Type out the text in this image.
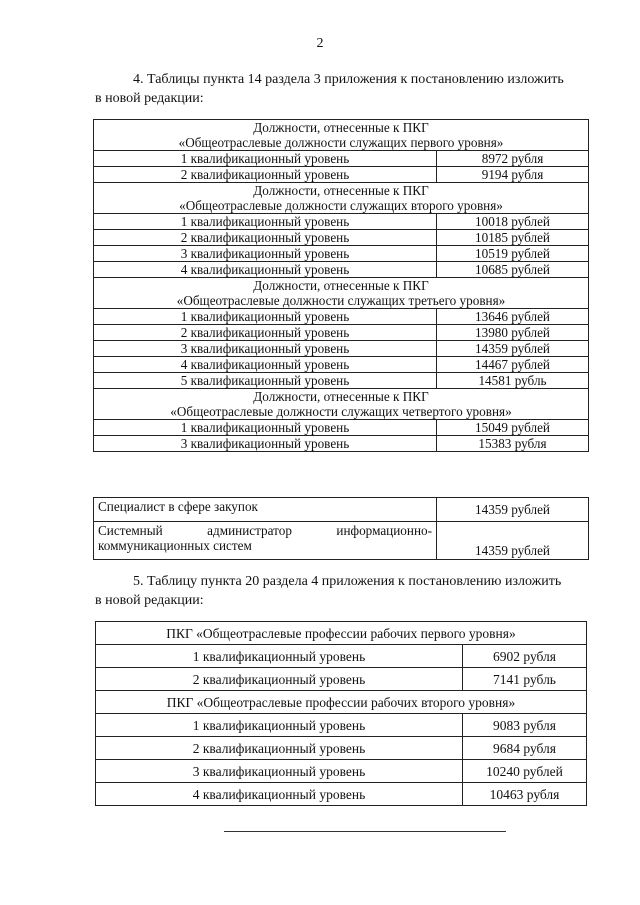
2

4. Таблицы пункта 14 раздела 3 приложения к постановлению изложить
в новой редакции:

Должности, отнесенные к ПКГ
«Общеотраслевые должности служащих первого уровня»	
1 квалификационный уровень	8972 рубля
2 квалификационный уровень	9194 рубля
Должности, отнесенные к ПКГ
«Общеотраслевые должности служащих второго уровня»	
1 квалификационный уровень	10018 рублей
2 квалификационный уровень	10185 рублей
3 квалификационный уровень	10519 рублей
4 квалификационный уровень	10685 рублей
Должности, отнесенные к ПКГ
«Общеотраслевые должности служащих третьего уровня»	
1 квалификационный уровень	13646 рублей
2 квалификационный уровень	13980 рублей
3 квалификационный уровень	14359 рублей
4 квалификационный уровень	14467 рублей
5 квалификационный уровень	14581 рубль
Должности, отнесенные к ПКГ
«Общеотраслевые должности служащих четвертого уровня»	
1 квалификационный уровень	15049 рублей
3 квалификационный уровень	15383 рубля
Специалист в сфере закупок	14359 рублей
Системный администратор информационно-коммуникационных систем	14359 рублей

5. Таблицу пункта 20 раздела 4 приложения к постановлению изложить
в новой редакции:

ПКГ «Общеотраслевые профессии рабочих первого уровня»	
1 квалификационный уровень	6902 рубля
2 квалификационный уровень	7141 рубль
ПКГ «Общеотраслевые профессии рабочих второго уровня»	
1 квалификационный уровень	9083 рубля
2 квалификационный уровень	9684 рубля
3 квалификационный уровень	10240 рублей
4 квалификационный уровень	10463 рубля
